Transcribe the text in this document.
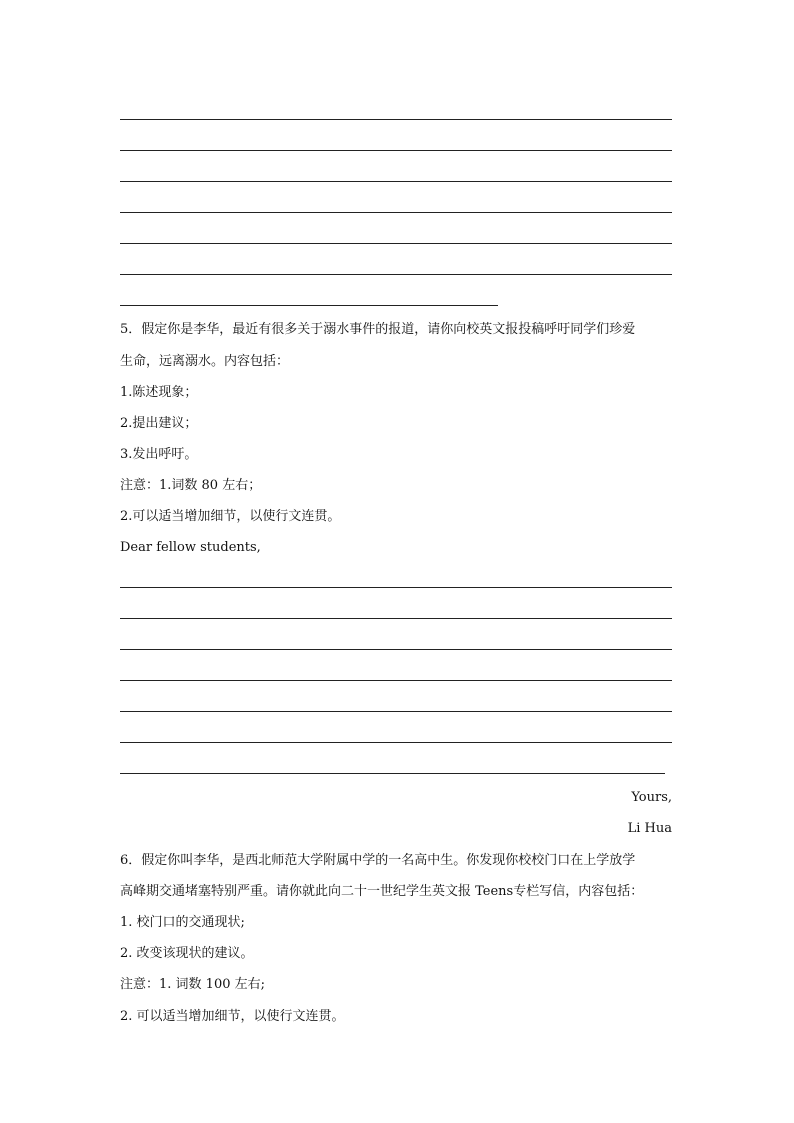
5．假定你是李华，最近有很多关于溺水事件的报道，请你向校英文报投稿呼吁同学们珍爱
生命，远离溺水。内容包括：
1.陈述现象；
2.提出建议；
3.发出呼吁。
注意：1.词数 80 左右；
2.可以适当增加细节，以使行文连贯。
Dear fellow students,
Yours,
Li Hua
6．假定你叫李华，是西北师范大学附属中学的一名高中生。你发现你校校门口在上学放学
高峰期交通堵塞特别严重。请你就此向二十一世纪学生英文报 Teens专栏写信，内容包括：
1. 校门口的交通现状;
2. 改变该现状的建议。
注意：1. 词数 100 左右;
2. 可以适当增加细节，以使行文连贯。
